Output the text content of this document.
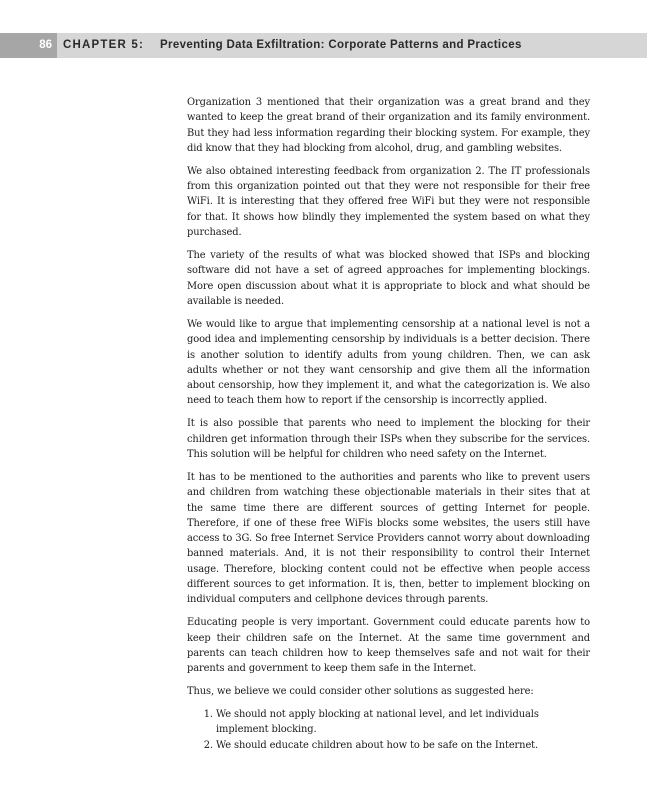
86 CHAPTER 5: Preventing Data Exfiltration: Corporate Patterns and Practices

Organization 3 mentioned that their organization was a great brand and they wanted to keep the great brand of their organization and its family environment. But they had less information regarding their blocking system. For example, they did know that they had blocking from alcohol, drug, and gambling websites.

We also obtained interesting feedback from organization 2. The IT professionals from this organization pointed out that they were not responsible for their free WiFi. It is interesting that they offered free WiFi but they were not responsible for that. It shows how blindly they implemented the system based on what they purchased.

The variety of the results of what was blocked showed that ISPs and blocking software did not have a set of agreed approaches for implementing blockings. More open discussion about what it is appropriate to block and what should be available is needed.

We would like to argue that implementing censorship at a national level is not a good idea and implementing censorship by individuals is a better decision. There is another solution to identify adults from young children. Then, we can ask adults whether or not they want censorship and give them all the information about censorship, how they implement it, and what the categorization is. We also need to teach them how to report if the censorship is incorrectly applied.

It is also possible that parents who need to implement the blocking for their children get information through their ISPs when they subscribe for the services. This solution will be helpful for children who need safety on the Internet.

It has to be mentioned to the authorities and parents who like to prevent users and children from watching these objectionable materials in their sites that at the same time there are different sources of getting Internet for people. Therefore, if one of these free WiFis blocks some websites, the users still have access to 3G. So free Internet Service Providers cannot worry about downloading banned materials. And, it is not their responsibility to control their Internet usage. Therefore, blocking content could not be effective when people access different sources to get information. It is, then, better to implement blocking on individual computers and cellphone devices through parents.

Educating people is very important. Government could educate parents how to keep their children safe on the Internet. At the same time government and parents can teach children how to keep themselves safe and not wait for their parents and government to keep them safe in the Internet.

Thus, we believe we could consider other solutions as suggested here:

1. We should not apply blocking at national level, and let individuals implement blocking.
2. We should educate children about how to be safe on the Internet.
